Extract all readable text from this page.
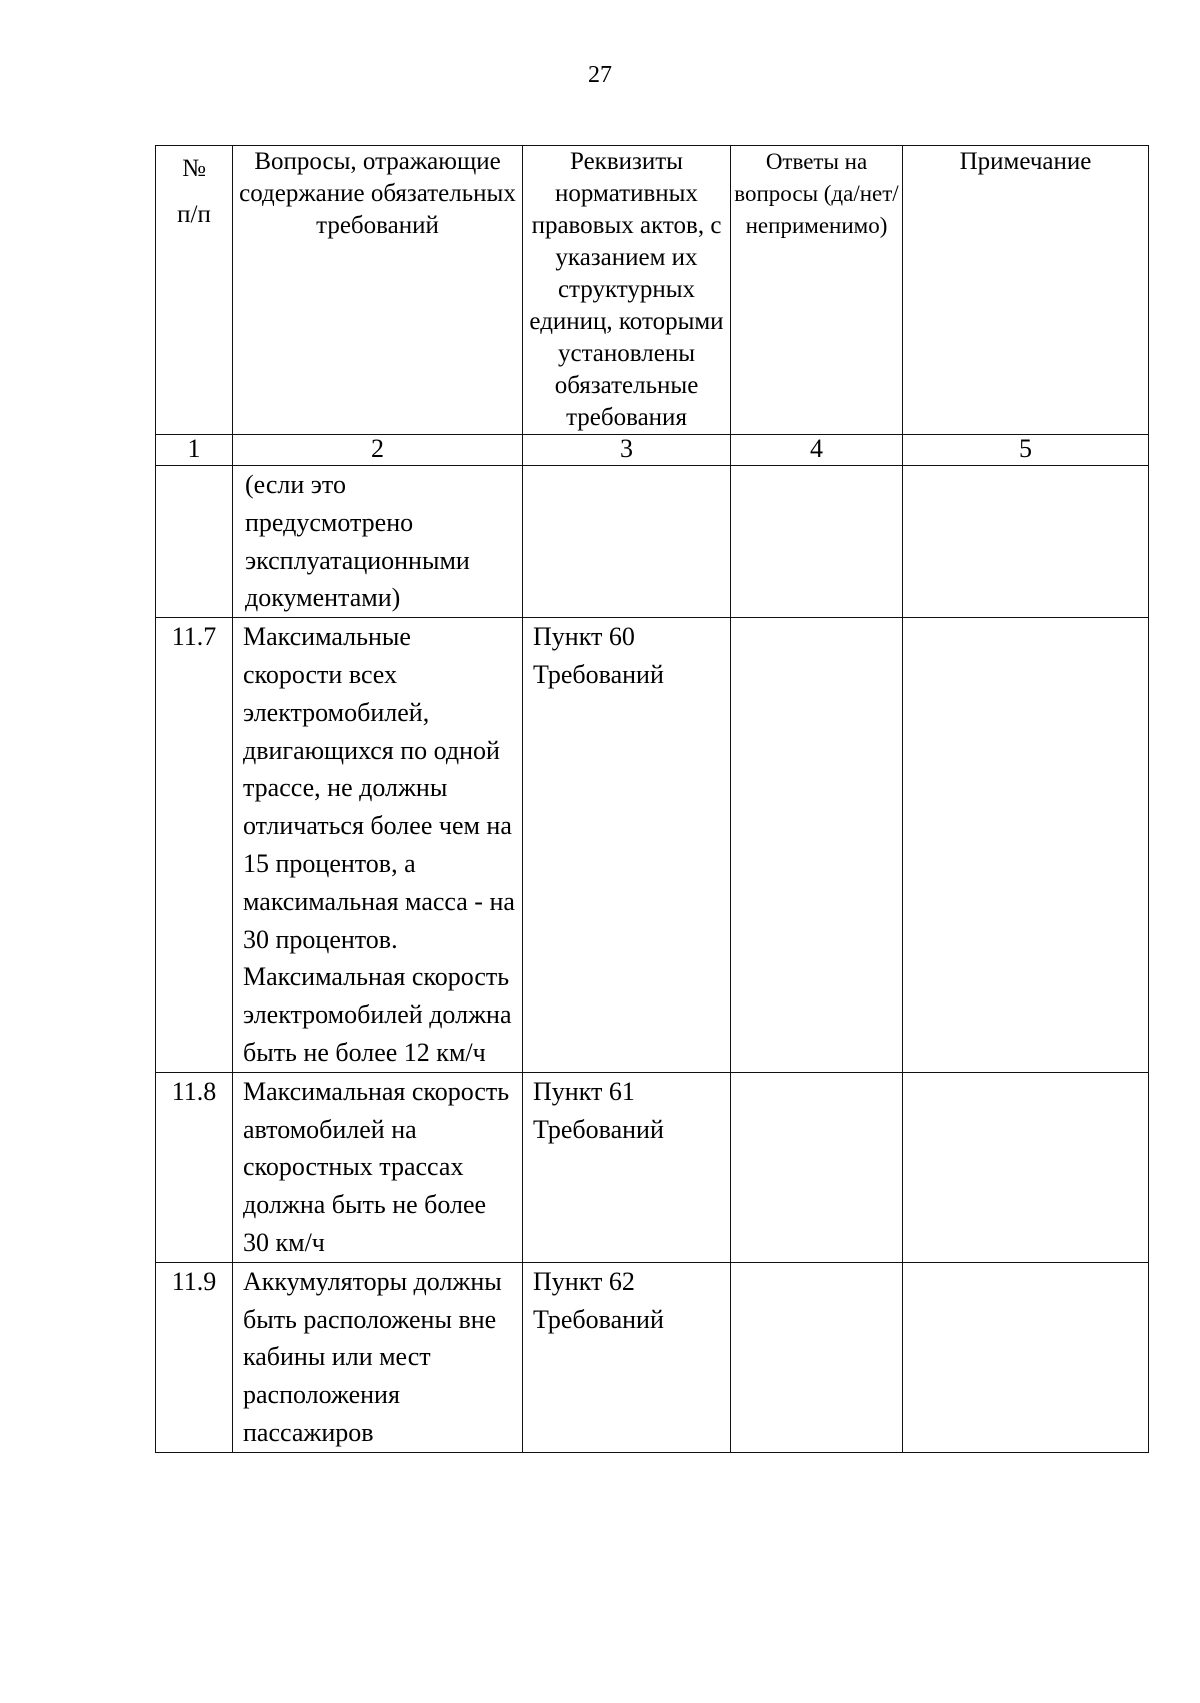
27
№
п/п	Вопросы, отражающие содержание обязательных требований	Реквизиты нормативных правовых актов, с указанием их структурных единиц, которыми установлены обязательные требования	Ответы на вопросы (да/нет/ неприменимо)	Примечание
1	2	3	4	5
	(если это предусмотрено эксплуатационными документами)			
11.7	Максимальные скорости всех электромобилей, двигающихся по одной трассе, не должны отличаться более чем на 15 процентов, а максимальная масса - на 30 процентов. Максимальная скорость электромобилей должна быть не более 12 км/ч	Пункт 60 Требований		
11.8	Максимальная скорость автомобилей на скоростных трассах должна быть не более 30 км/ч	Пункт 61 Требований		
11.9	Аккумуляторы должны быть расположены вне кабины или мест расположения пассажиров	Пункт 62 Требований		
